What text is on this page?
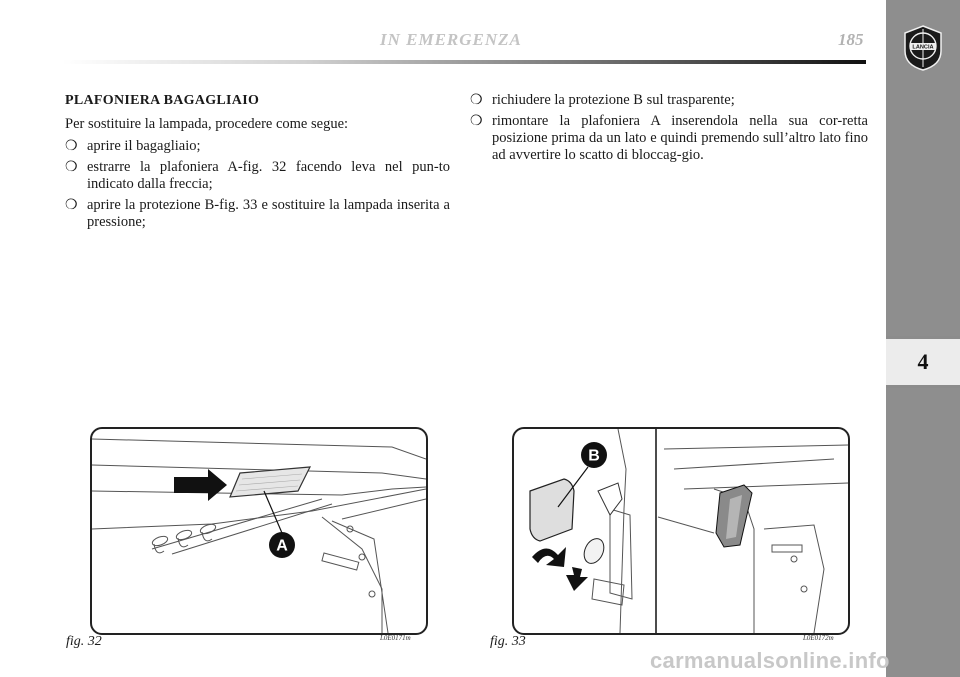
IN EMERGENZA	185	LANCIA
4
PLAFONIERA BAGAGLIAIO
Per sostituire la lampada, procedere come segue:
❍ aprire il bagagliaio;
❍ estrarre la plafoniera A-fig. 32 facendo leva nel pun-to indicato dalla freccia;
❍ aprire la protezione B-fig. 33 e sostituire la lampada inserita a pressione;
❍ richiudere la protezione B sul trasparente;
❍ rimontare la plafoniera A inserendola nella sua cor-retta posizione prima da un lato e quindi premendo sull’altro lato fino ad avvertire lo scatto di bloccag-gio.
A
B
fig. 32	L0E0171m	fig. 33	L0E0172m
carmanualsonline.info
